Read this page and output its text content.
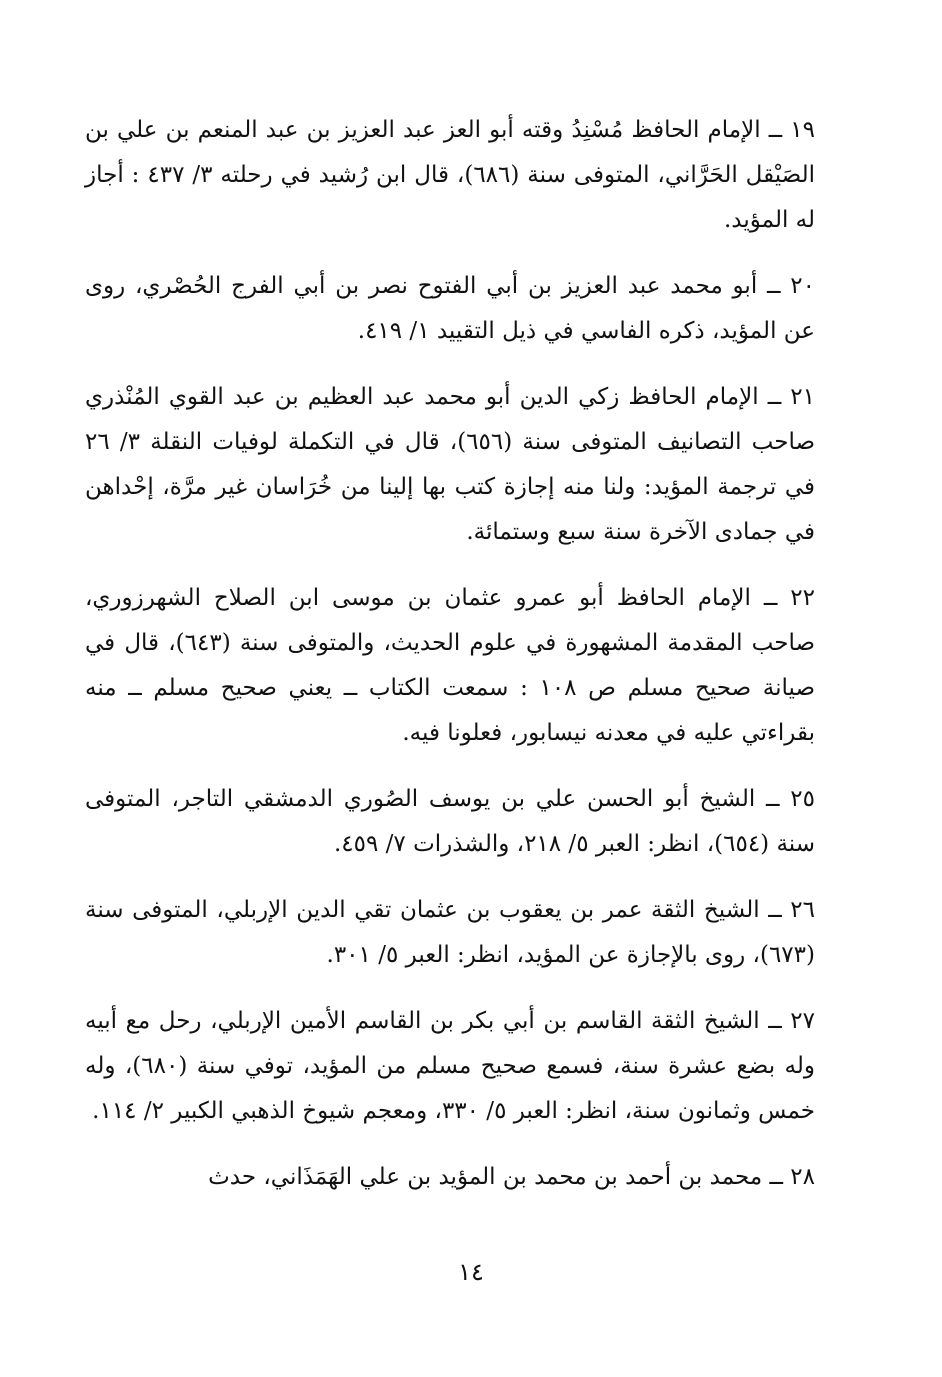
١٩ ــ الإمام الحافظ مُسْنِدُ وقته أبو العز عبد العزيز بن عبد المنعم بن علي بن الصَيْقل الحَرَّاني، المتوفى سنة (٦٨٦)، قال ابن رُشيد في رحلته ٣/ ٤٣٧ : أجاز له المؤيد.

٢٠ ــ أبو محمد عبد العزيز بن أبي الفتوح نصر بن أبي الفرج الحُصْري، روى عن المؤيد، ذكره الفاسي في ذيل التقييد ١/ ٤١٩.

٢١ ــ الإمام الحافظ زكي الدين أبو محمد عبد العظيم بن عبد القوي المُنْذري صاحب التصانيف المتوفى سنة (٦٥٦)، قال في التكملة لوفيات النقلة ٣/ ٢٦ في ترجمة المؤيد: ولنا منه إجازة كتب بها إلينا من خُرَاسان غير مرَّة، إحْداهن في جمادى الآخرة سنة سبع وستمائة.

٢٢ ــ الإمام الحافظ أبو عمرو عثمان بن موسى ابن الصلاح الشهرزوري، صاحب المقدمة المشهورة في علوم الحديث، والمتوفى سنة (٦٤٣)، قال في صيانة صحيح مسلم ص ١٠٨ : سمعت الكتاب ــ يعني صحيح مسلم ــ منه بقراءتي عليه في معدنه نيسابور، فعلونا فيه.

٢٥ ــ الشيخ أبو الحسن علي بن يوسف الصُوري الدمشقي التاجر، المتوفى سنة (٦٥٤)، انظر: العبر ٥/ ٢١٨، والشذرات ٧/ ٤٥٩.

٢٦ ــ الشيخ الثقة عمر بن يعقوب بن عثمان تقي الدين الإربلي، المتوفى سنة (٦٧٣)، روى بالإجازة عن المؤيد، انظر: العبر ٥/ ٣٠١.

٢٧ ــ الشيخ الثقة القاسم بن أبي بكر بن القاسم الأمين الإربلي، رحل مع أبيه وله بضع عشرة سنة، فسمع صحيح مسلم من المؤيد، توفي سنة (٦٨٠)، وله خمس وثمانون سنة، انظر: العبر ٥/ ٣٣٠، ومعجم شيوخ الذهبي الكبير ٢/ ١١٤.

٢٨ ــ محمد بن أحمد بن محمد بن المؤيد بن علي الهَمَذَاني، حدث

١٤
